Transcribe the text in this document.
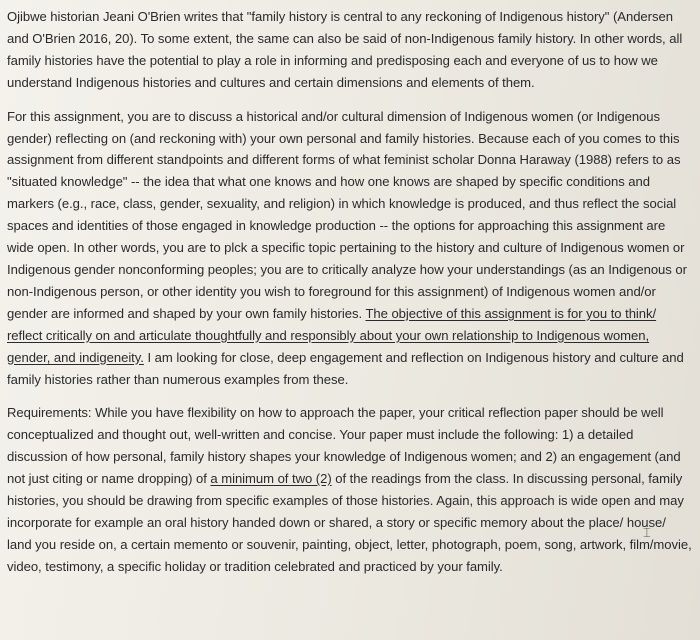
Ojibwe historian Jeani O'Brien writes that "family history is central to any reckoning of Indigenous history" (Andersen and O'Brien 2016, 20). To some extent, the same can also be said of non-Indigenous family history. In other words, all family histories have the potential to play a role in informing and predisposing each and everyone of us to how we understand Indigenous histories and cultures and certain dimensions and elements of them.

For this assignment, you are to discuss a historical and/or cultural dimension of Indigenous women (or Indigenous gender) reflecting on (and reckoning with) your own personal and family histories. Because each of you comes to this assignment from different standpoints and different forms of what feminist scholar Donna Haraway (1988) refers to as "situated knowledge" -- the idea that what one knows and how one knows are shaped by specific conditions and markers (e.g., race, class, gender, sexuality, and religion) in which knowledge is produced, and thus reflect the social spaces and identities of those engaged in knowledge production -- the options for approaching this assignment are wide open. In other words, you are to plck a specific topic pertaining to the history and culture of Indigenous women or Indigenous gender nonconforming peoples; you are to critically analyze how your understandings (as an Indigenous or non-Indigenous person, or other identity you wish to foreground for this assignment) of Indigenous women and/or gender are informed and shaped by your own family histories. The objective of this assignment is for you to think/ reflect critically on and articulate thoughtfully and responsibly about your own relationship to Indigenous women, gender, and indigeneity. I am looking for close, deep engagement and reflection on Indigenous history and culture and family histories rather than numerous examples from these.

Requirements: While you have flexibility on how to approach the paper, your critical reflection paper should be well conceptualized and thought out, well-written and concise. Your paper must include the following: 1) a detailed discussion of how personal, family history shapes your knowledge of Indigenous women; and 2) an engagement (and not just citing or name dropping) of a minimum of two (2) of the readings from the class. In discussing personal, family histories, you should be drawing from specific examples of those histories. Again, this approach is wide open and may incorporate for example an oral history handed down or shared, a story or specific memory about the place/ house/ land you reside on, a certain memento or souvenir, painting, object, letter, photograph, poem, song, artwork, film/movie, video, testimony, a specific holiday or tradition celebrated and practiced by your family.

⌶
